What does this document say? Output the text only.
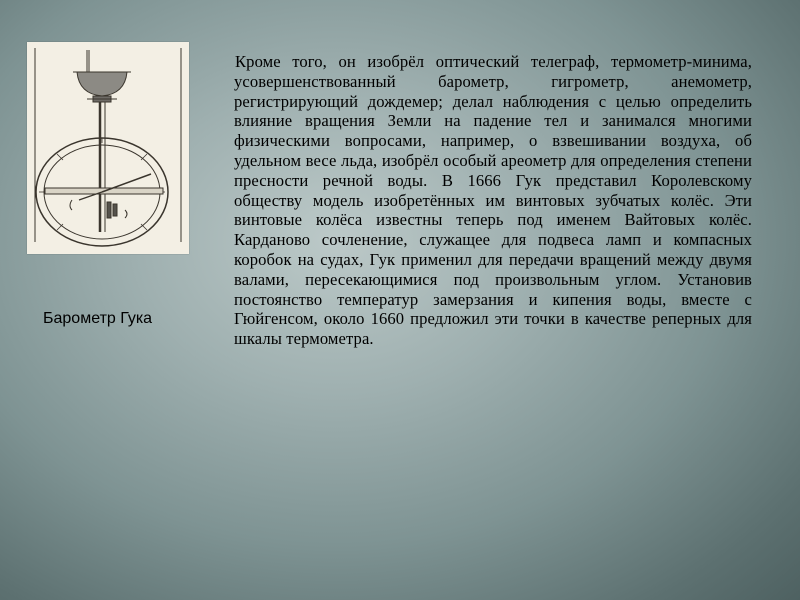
Барометр Гука

Кроме того, он изобрёл оптический телеграф, термометр-минима, усовершенствованный барометр, гигрометр, анемометр, регистрирующий дождемер; делал наблюдения с целью определить влияние вращения Земли на падение тел и занимался многими физическими вопросами, например, о взвешивании воздуха, об удельном весе льда, изобрёл особый ареометр для определения степени пресности речной воды. В 1666 Гук представил Королевскому обществу модель изобретённых им винтовых зубчатых колёс. Эти винтовые колёса известны теперь под именем Вайтовых колёс. Карданово сочленение, служащее для подвеса ламп и компасных коробок на судах, Гук применил для передачи вращений между двумя валами, пересекающимися под произвольным углом. Установив постоянство температур замерзания и кипения воды, вместе с Гюйгенсом, около 1660 предложил эти точки в качестве реперных для шкалы термометра.
